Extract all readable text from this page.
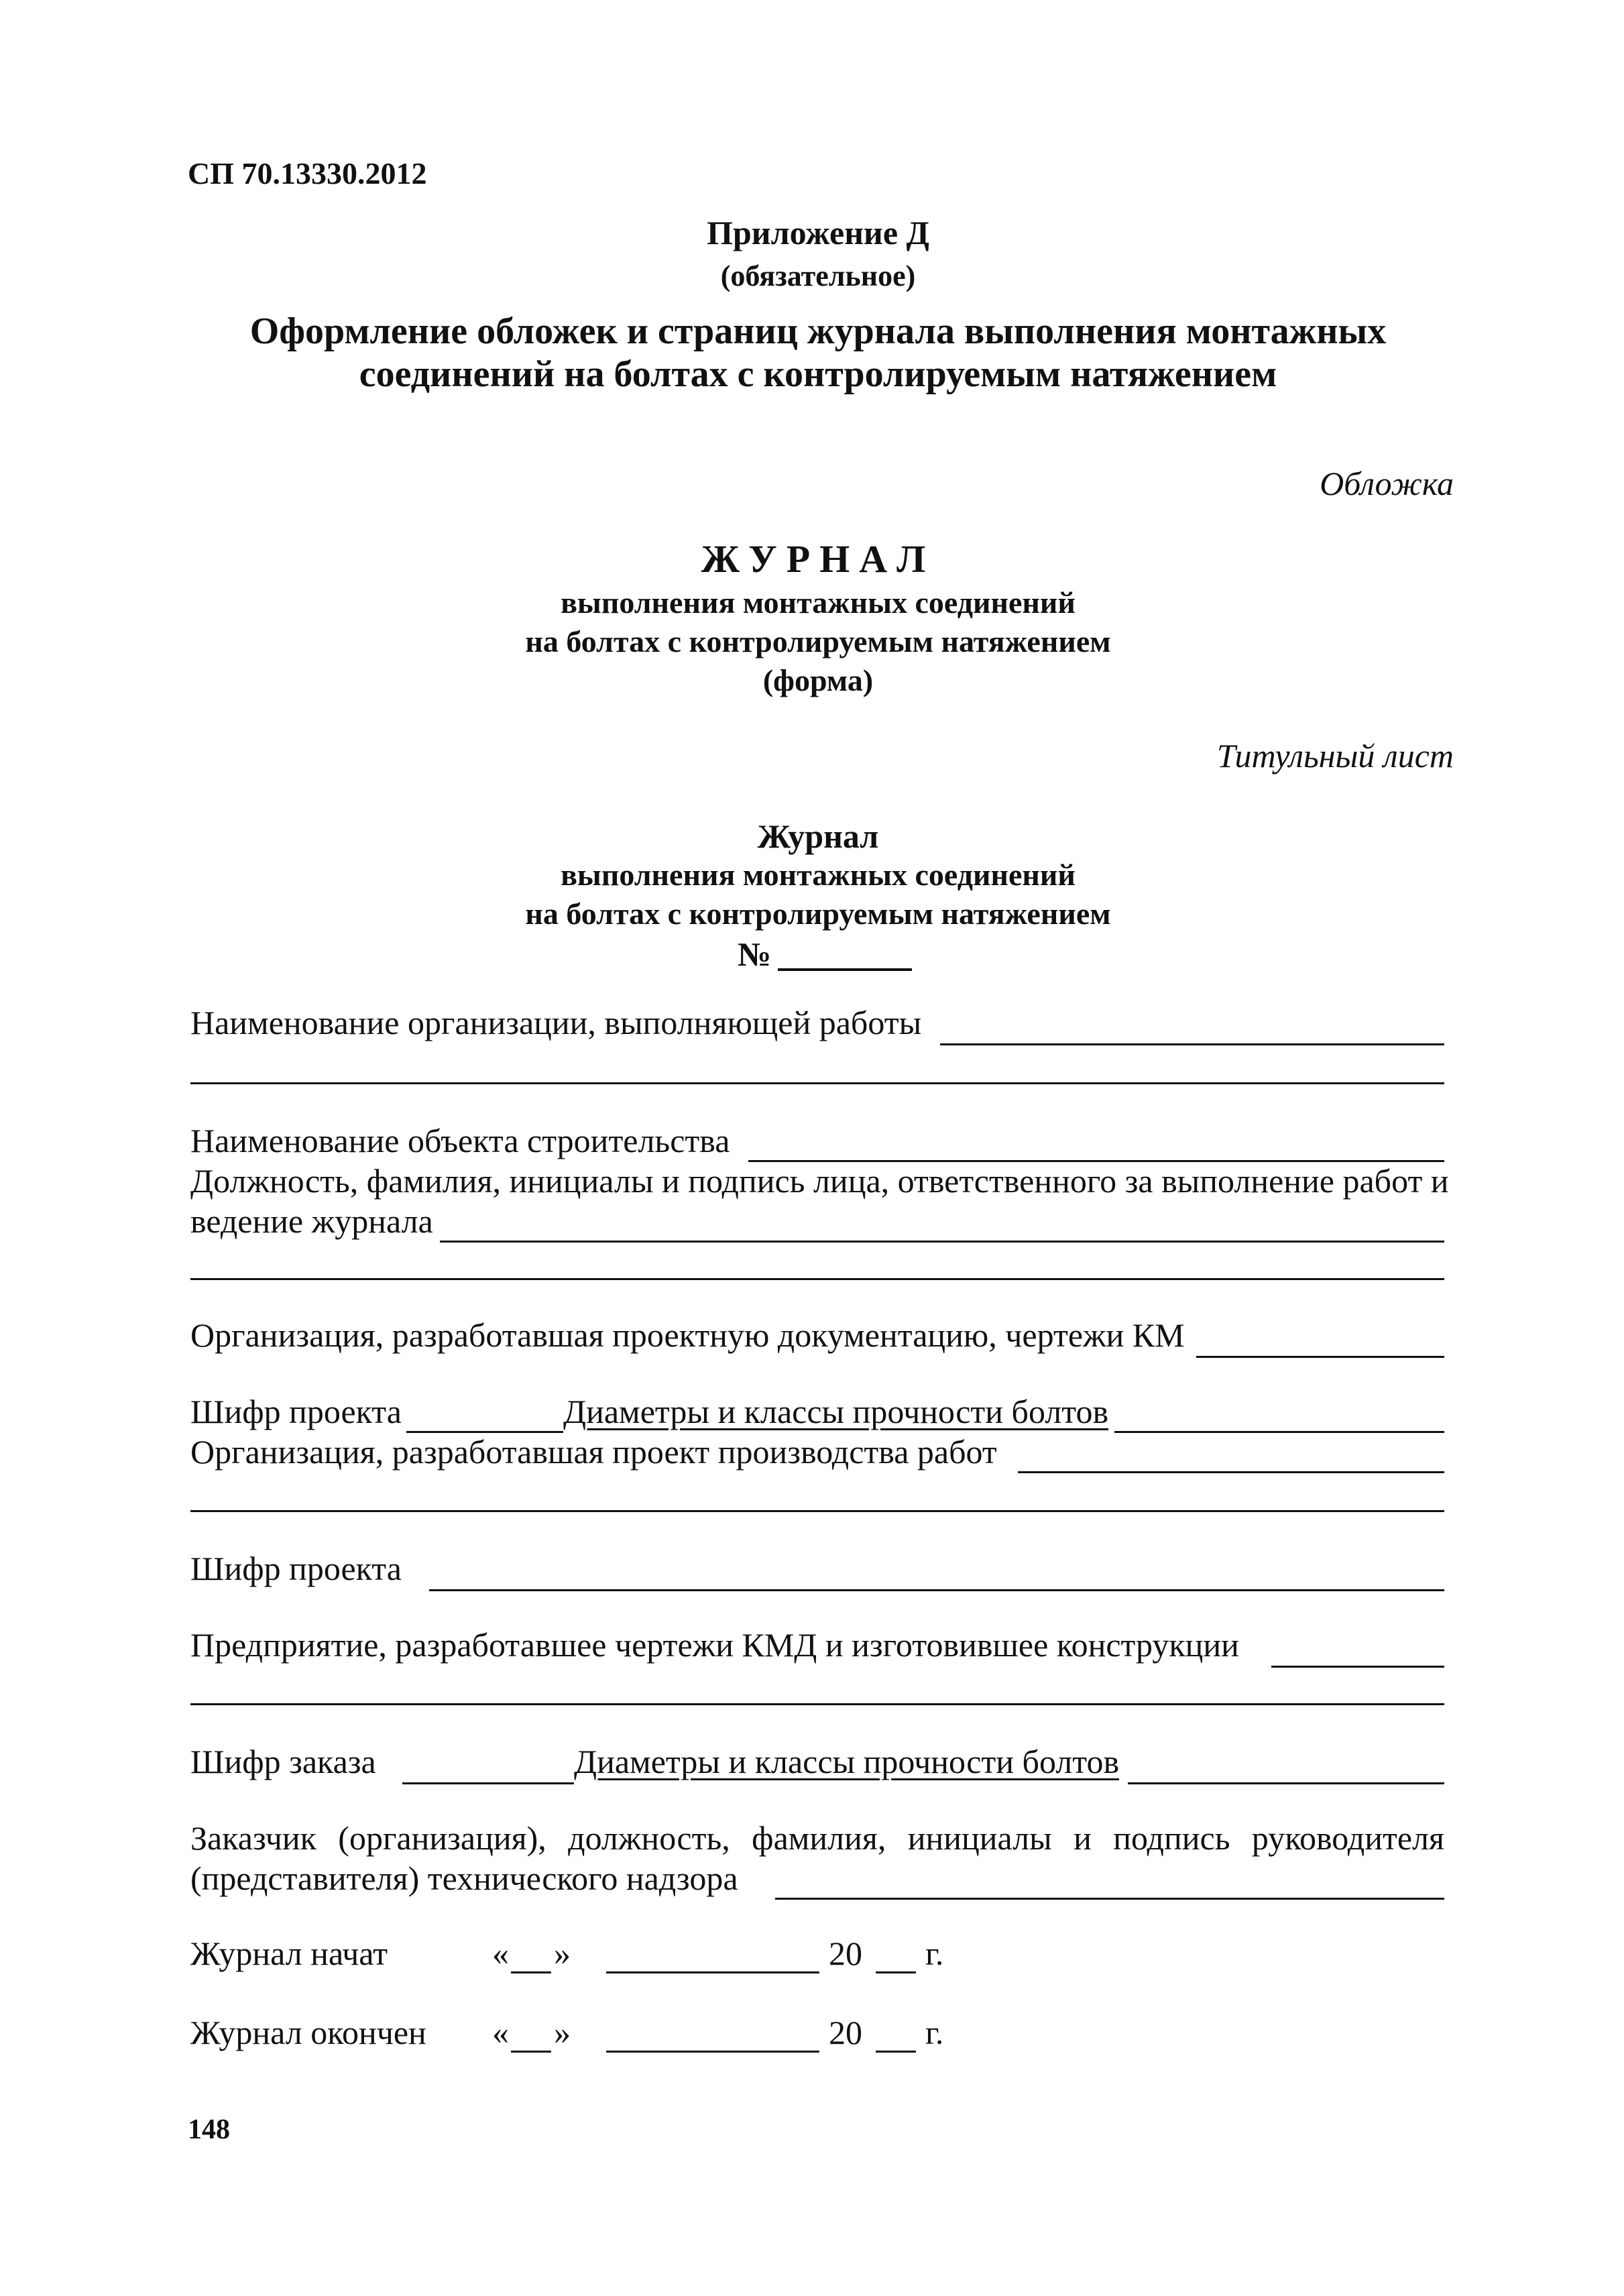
СП 70.13330.2012
Приложение Д
(обязательное)
Оформление обложек и страниц журнала выполнения монтажных
соединений на болтах с контролируемым натяжением
Обложка
ЖУРНАЛ
выполнения монтажных соединений
на болтах с контролируемым натяжением
(форма)
Титульный лист
Журнал
выполнения монтажных соединений
на болтах с контролируемым натяжением
№
Наименование организации, выполняющей работы
Наименование объекта строительства
Должность, фамилия, инициалы и подпись лица, ответственного за выполнение работ и
ведение журнала
Организация, разработавшая проектную документацию, чертежи КМ
Шифр проекта	Диаметры и классы прочности болтов
Организация, разработавшая проект производства работ
Шифр проекта
Предприятие, разработавшее чертежи КМД и изготовившее конструкции
Шифр заказа	Диаметры и классы прочности болтов
Заказчик (организация), должность, фамилия, инициалы и подпись руководителя
(представителя) технического надзора
Журнал начат	« »	20 г.
Журнал окончен « »	20 г.
148
